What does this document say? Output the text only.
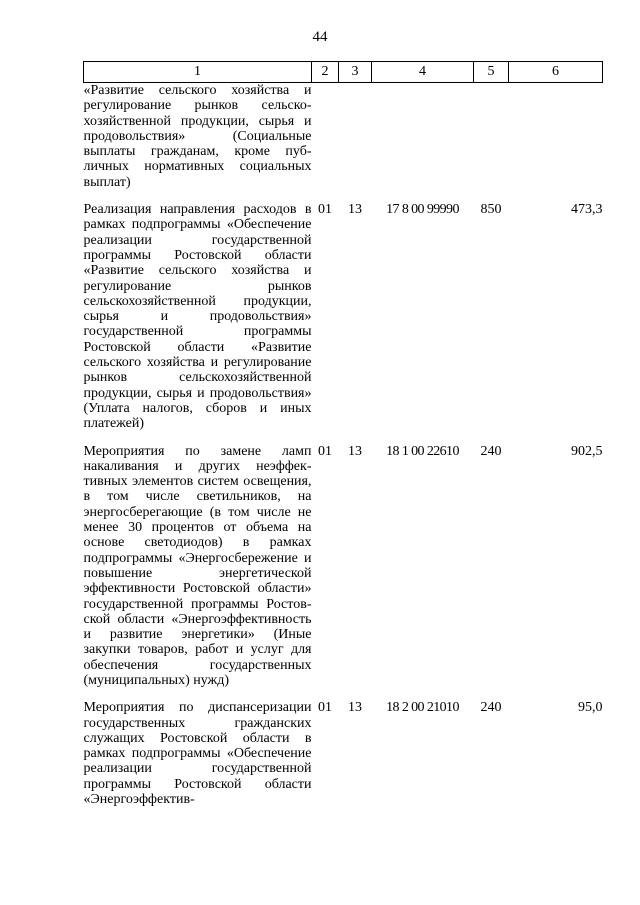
44
1	2	3	4	5	6
«Развитие сельского хозяйства и регулирование рынков сельскохозяйственной продукции, сырья и продовольствия» (Социальные выплаты гражданам, кроме публичных нормативных социальных выплат)					

Реализация направления расходов в рамках подпрограммы «Обеспечение реализации государственной программы Ростовской области «Развитие сельского хозяйства и регулирование рынков сельскохозяйственной продукции, сырья и продовольствия» государственной программы Ростовской области «Развитие сельского хозяйства и регулирование рынков сельскохозяйственной продукции, сырья и продовольствия» (Уплата налогов, сборов и иных платeжей)	01	13	17 8 00 99990	850	473,3

Мероприятия по замене ламп накаливания и других неэффективных элементов систем освещения, в том числе светильников, на энергосберегающие (в том числе не менее 30 процентов от объема на основе светодиодов) в рамках подпрограммы «Энергосбережение и повышение энергетической эффективности Ростовской области» государственной программы Ростовской области «Энергоэффективность и развитие энергетики» (Иные закупки товаров, работ и услуг для обеспечения государственных (муниципальных) нужд)	01	13	18 1 00 22610	240	902,5

Мероприятия по диспансеризации государственных гражданских служащих Ростовской области в рамках подпрограммы «Обеспечение реализации государственной программы Ростовской области «Энергоэффектив-	01	13	18 2 00 21010	240	95,0
